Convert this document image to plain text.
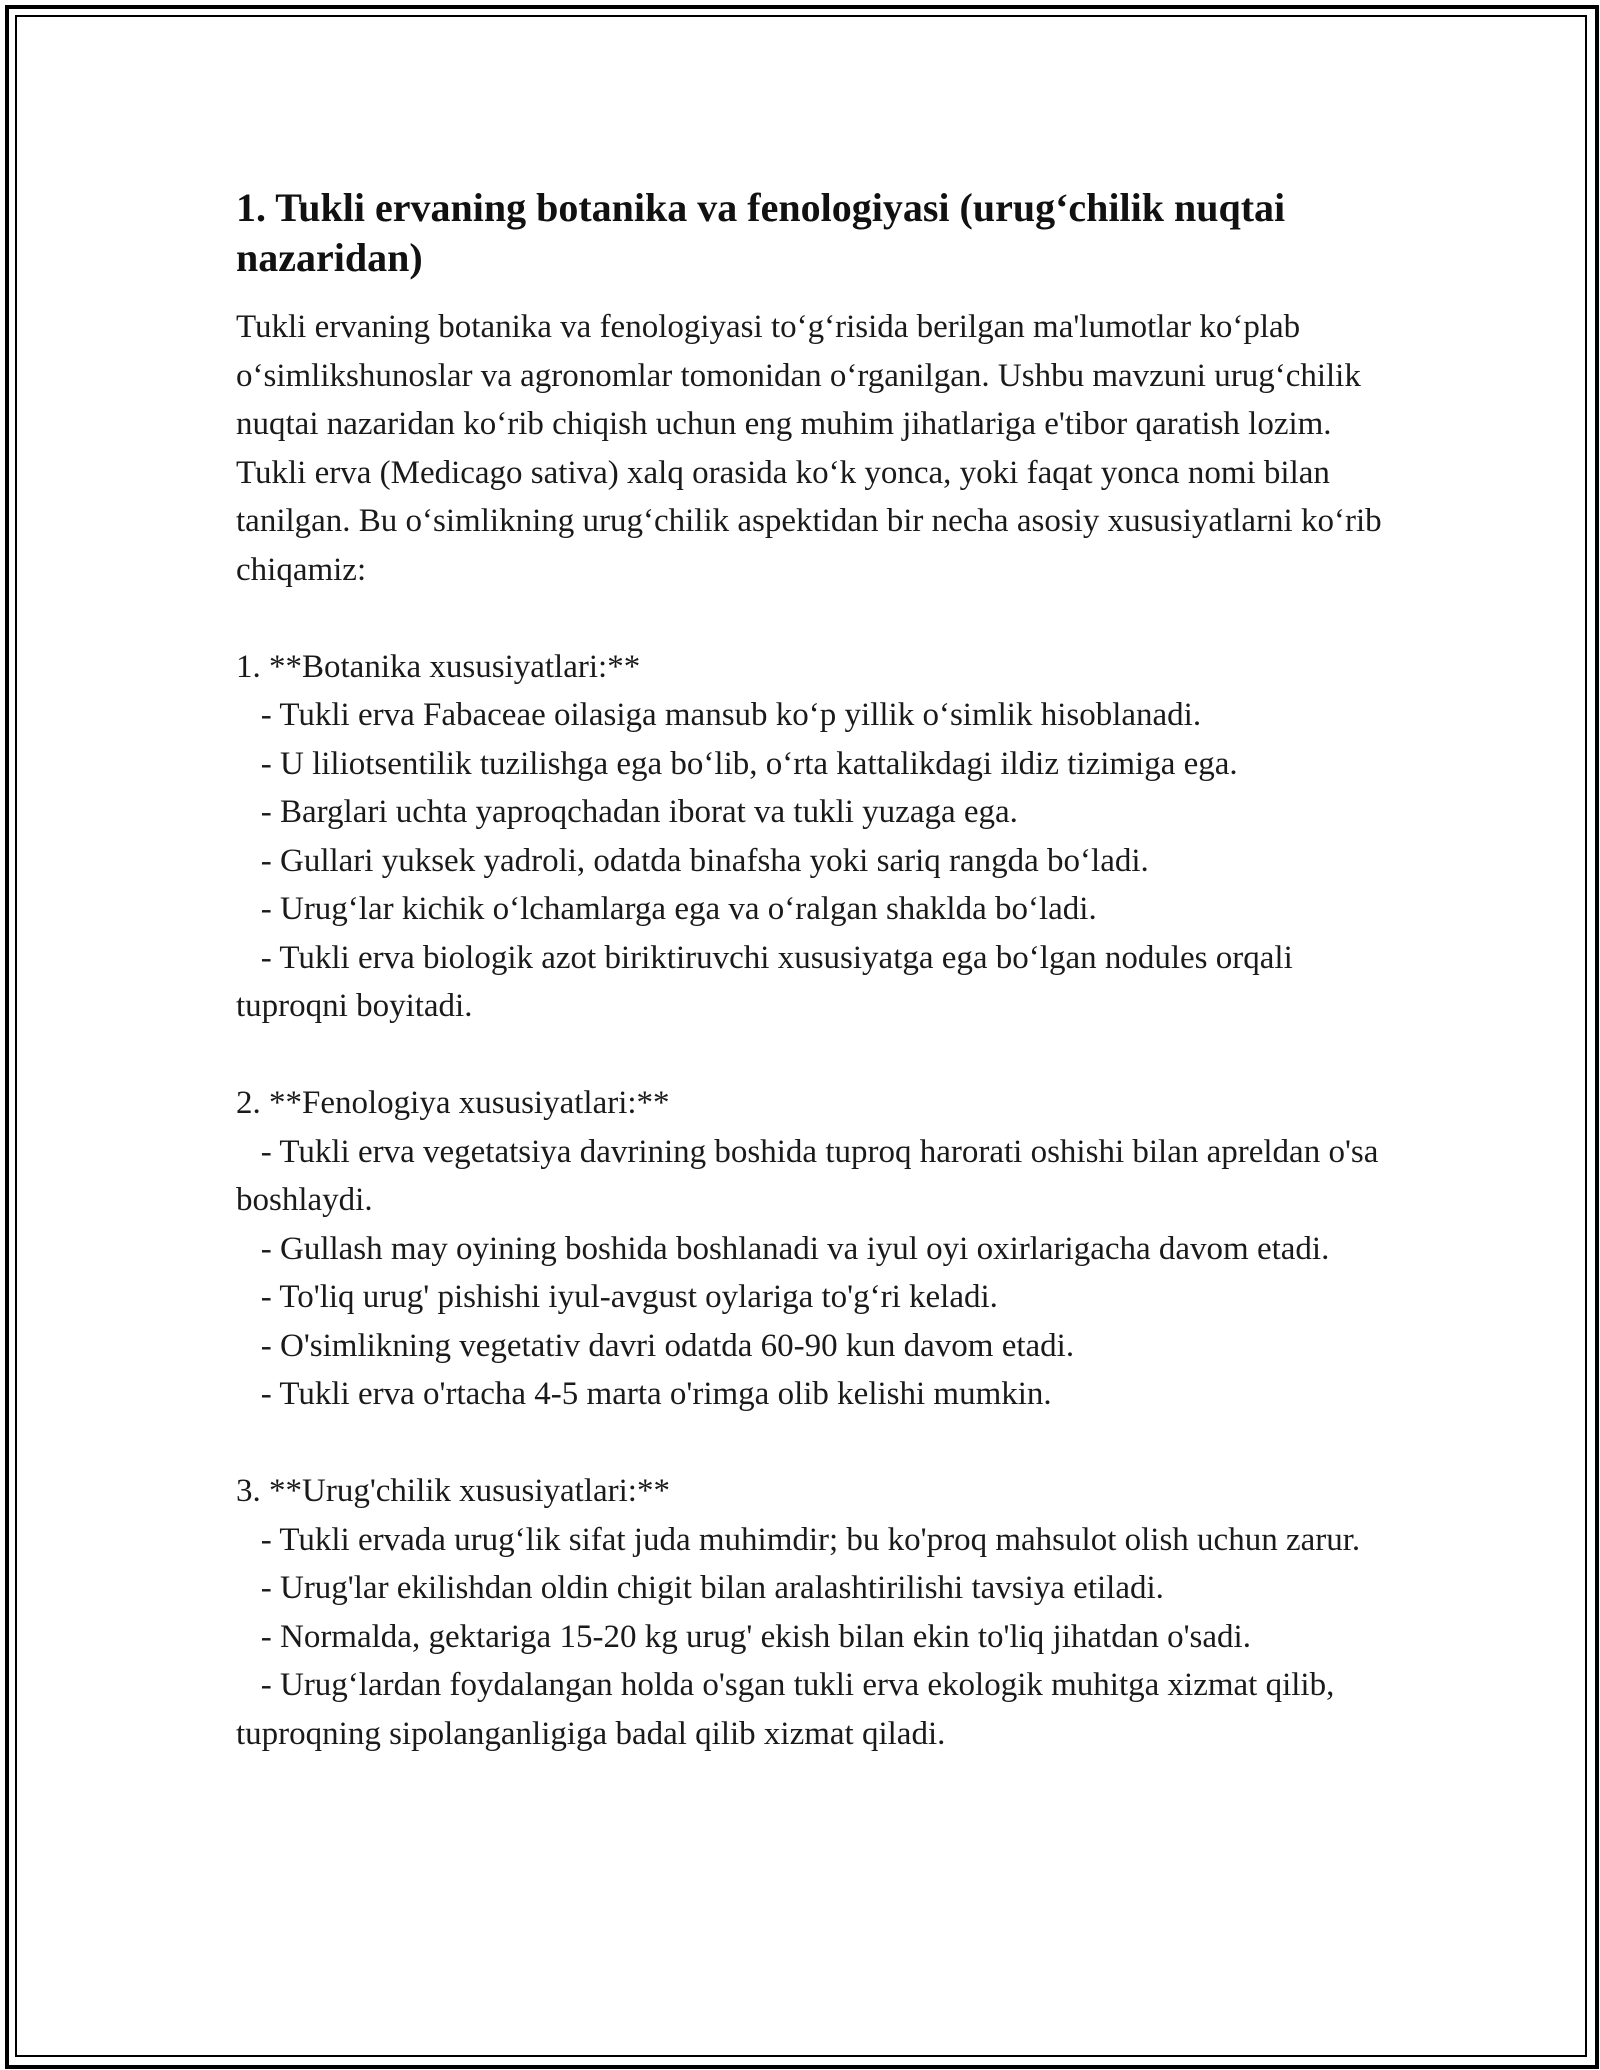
1. Tukli ervaning botanika va fenologiyasi (urug‘chilik nuqtai nazaridan)

Tukli ervaning botanika va fenologiyasi to‘g‘risida berilgan ma'lumotlar ko‘plab o‘simlikshunoslar va agronomlar tomonidan o‘rganilgan. Ushbu mavzuni urug‘chilik nuqtai nazaridan ko‘rib chiqish uchun eng muhim jihatlariga e'tibor qaratish lozim. Tukli erva (Medicago sativa) xalq orasida ko‘k yonca, yoki faqat yonca nomi bilan tanilgan. Bu o‘simlikning urug‘chilik aspektidan bir necha asosiy xususiyatlarni ko‘rib chiqamiz:

1. **Botanika xususiyatlari:**

- Tukli erva Fabaceae oilasiga mansub ko‘p yillik o‘simlik hisoblanadi.

- U liliotsentilik tuzilishga ega bo‘lib, o‘rta kattalikdagi ildiz tizimiga ega.

- Barglari uchta yaproqchadan iborat va tukli yuzaga ega.

- Gullari yuksek yadroli, odatda binafsha yoki sariq rangda bo‘ladi.

- Urug‘lar kichik o‘lchamlarga ega va o‘ralgan shaklda bo‘ladi.

- Tukli erva biologik azot biriktiruvchi xususiyatga ega bo‘lgan nodules orqali tuproqni boyitadi.

2. **Fenologiya xususiyatlari:**

- Tukli erva vegetatsiya davrining boshida tuproq harorati oshishi bilan apreldan o'sa boshlaydi.

- Gullash may oyining boshida boshlanadi va iyul oyi oxirlarigacha davom etadi.

- To'liq urug' pishishi iyul-avgust oylariga to'g‘ri keladi.

- O'simlikning vegetativ davri odatda 60-90 kun davom etadi.

- Tukli erva o'rtacha 4-5 marta o'rimga olib kelishi mumkin.

3. **Urug'chilik xususiyatlari:**

- Tukli ervada urug‘lik sifat juda muhimdir; bu ko'proq mahsulot olish uchun zarur.

- Urug'lar ekilishdan oldin chigit bilan aralashtirilishi tavsiya etiladi.

- Normalda, gektariga 15-20 kg urug' ekish bilan ekin to'liq jihatdan o'sadi.

- Urug‘lardan foydalangan holda o'sgan tukli erva ekologik muhitga xizmat qilib, tuproqning sipolanganligiga badal qilib xizmat qiladi.
